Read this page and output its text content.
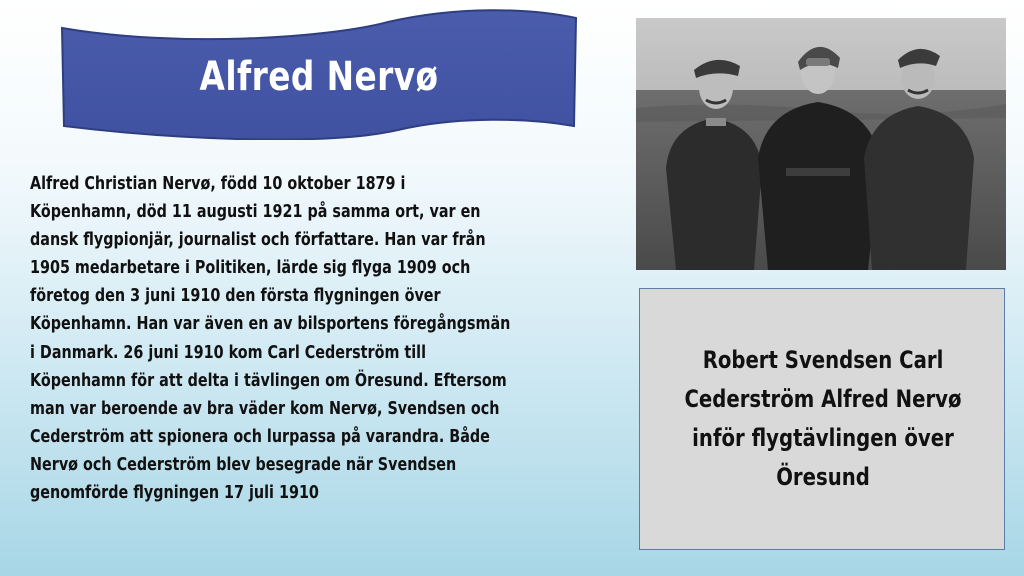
Alfred Nervø
Alfred Christian Nervø, född 10 oktober 1879 i
Köpenhamn, död 11 augusti 1921 på samma ort, var en
dansk flygpionjär, journalist och författare. Han var från
1905 medarbetare i Politiken, lärde sig flyga 1909 och
företog den 3 juni 1910 den första flygningen över
Köpenhamn. Han var även en av bilsportens föregångsmän
i Danmark. 26 juni 1910 kom Carl Cederström till
Köpenhamn för att delta i tävlingen om Öresund. Eftersom
man var beroende av bra väder kom Nervø, Svendsen och
Cederström att spionera och lurpassa på varandra. Både
Nervø och Cederström blev besegrade när Svendsen
genomförde flygningen 17 juli 1910
Robert Svendsen Carl
Cederström Alfred Nervø
inför flygtävlingen över
Öresund
